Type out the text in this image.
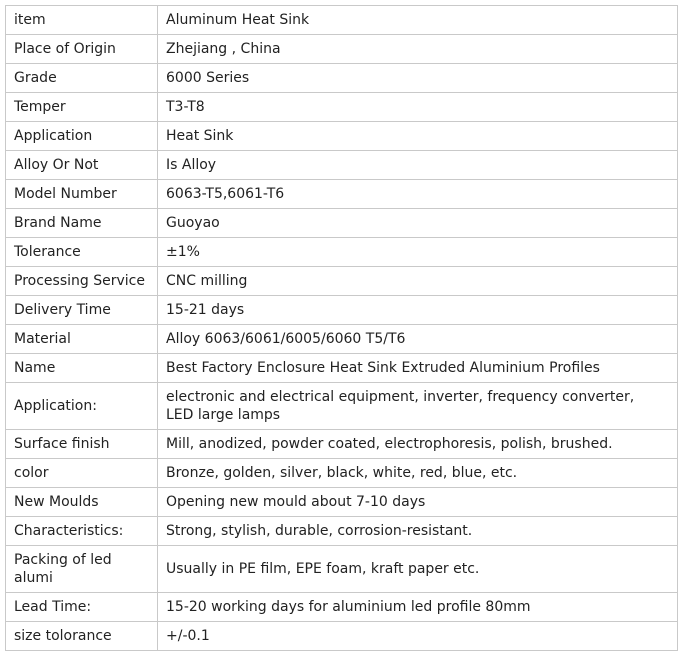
item	Aluminum Heat Sink
Place of Origin	Zhejiang , China
Grade	6000 Series
Temper	T3-T8
Application	Heat Sink
Alloy Or Not	Is Alloy
Model Number	6063-T5,6061-T6
Brand Name	Guoyao
Tolerance	±1%
Processing Service	CNC milling
Delivery Time	15-21 days
Material	Alloy 6063/6061/6005/6060 T5/T6
Name	Best Factory Enclosure Heat Sink Extruded Aluminium Profiles
Application:	electronic and electrical equipment, inverter, frequency converter, LED large lamps
Surface finish	Mill, anodized, powder coated, electrophoresis, polish, brushed.
color	Bronze, golden, silver, black, white, red, blue, etc.
New Moulds	Opening new mould about 7-10 days
Characteristics:	Strong, stylish, durable, corrosion-resistant.
Packing of led alumi	Usually in PE film, EPE foam, kraft paper etc.
Lead Time:	15-20 working days for aluminium led profile 80mm
size tolorance	+/-0.1
